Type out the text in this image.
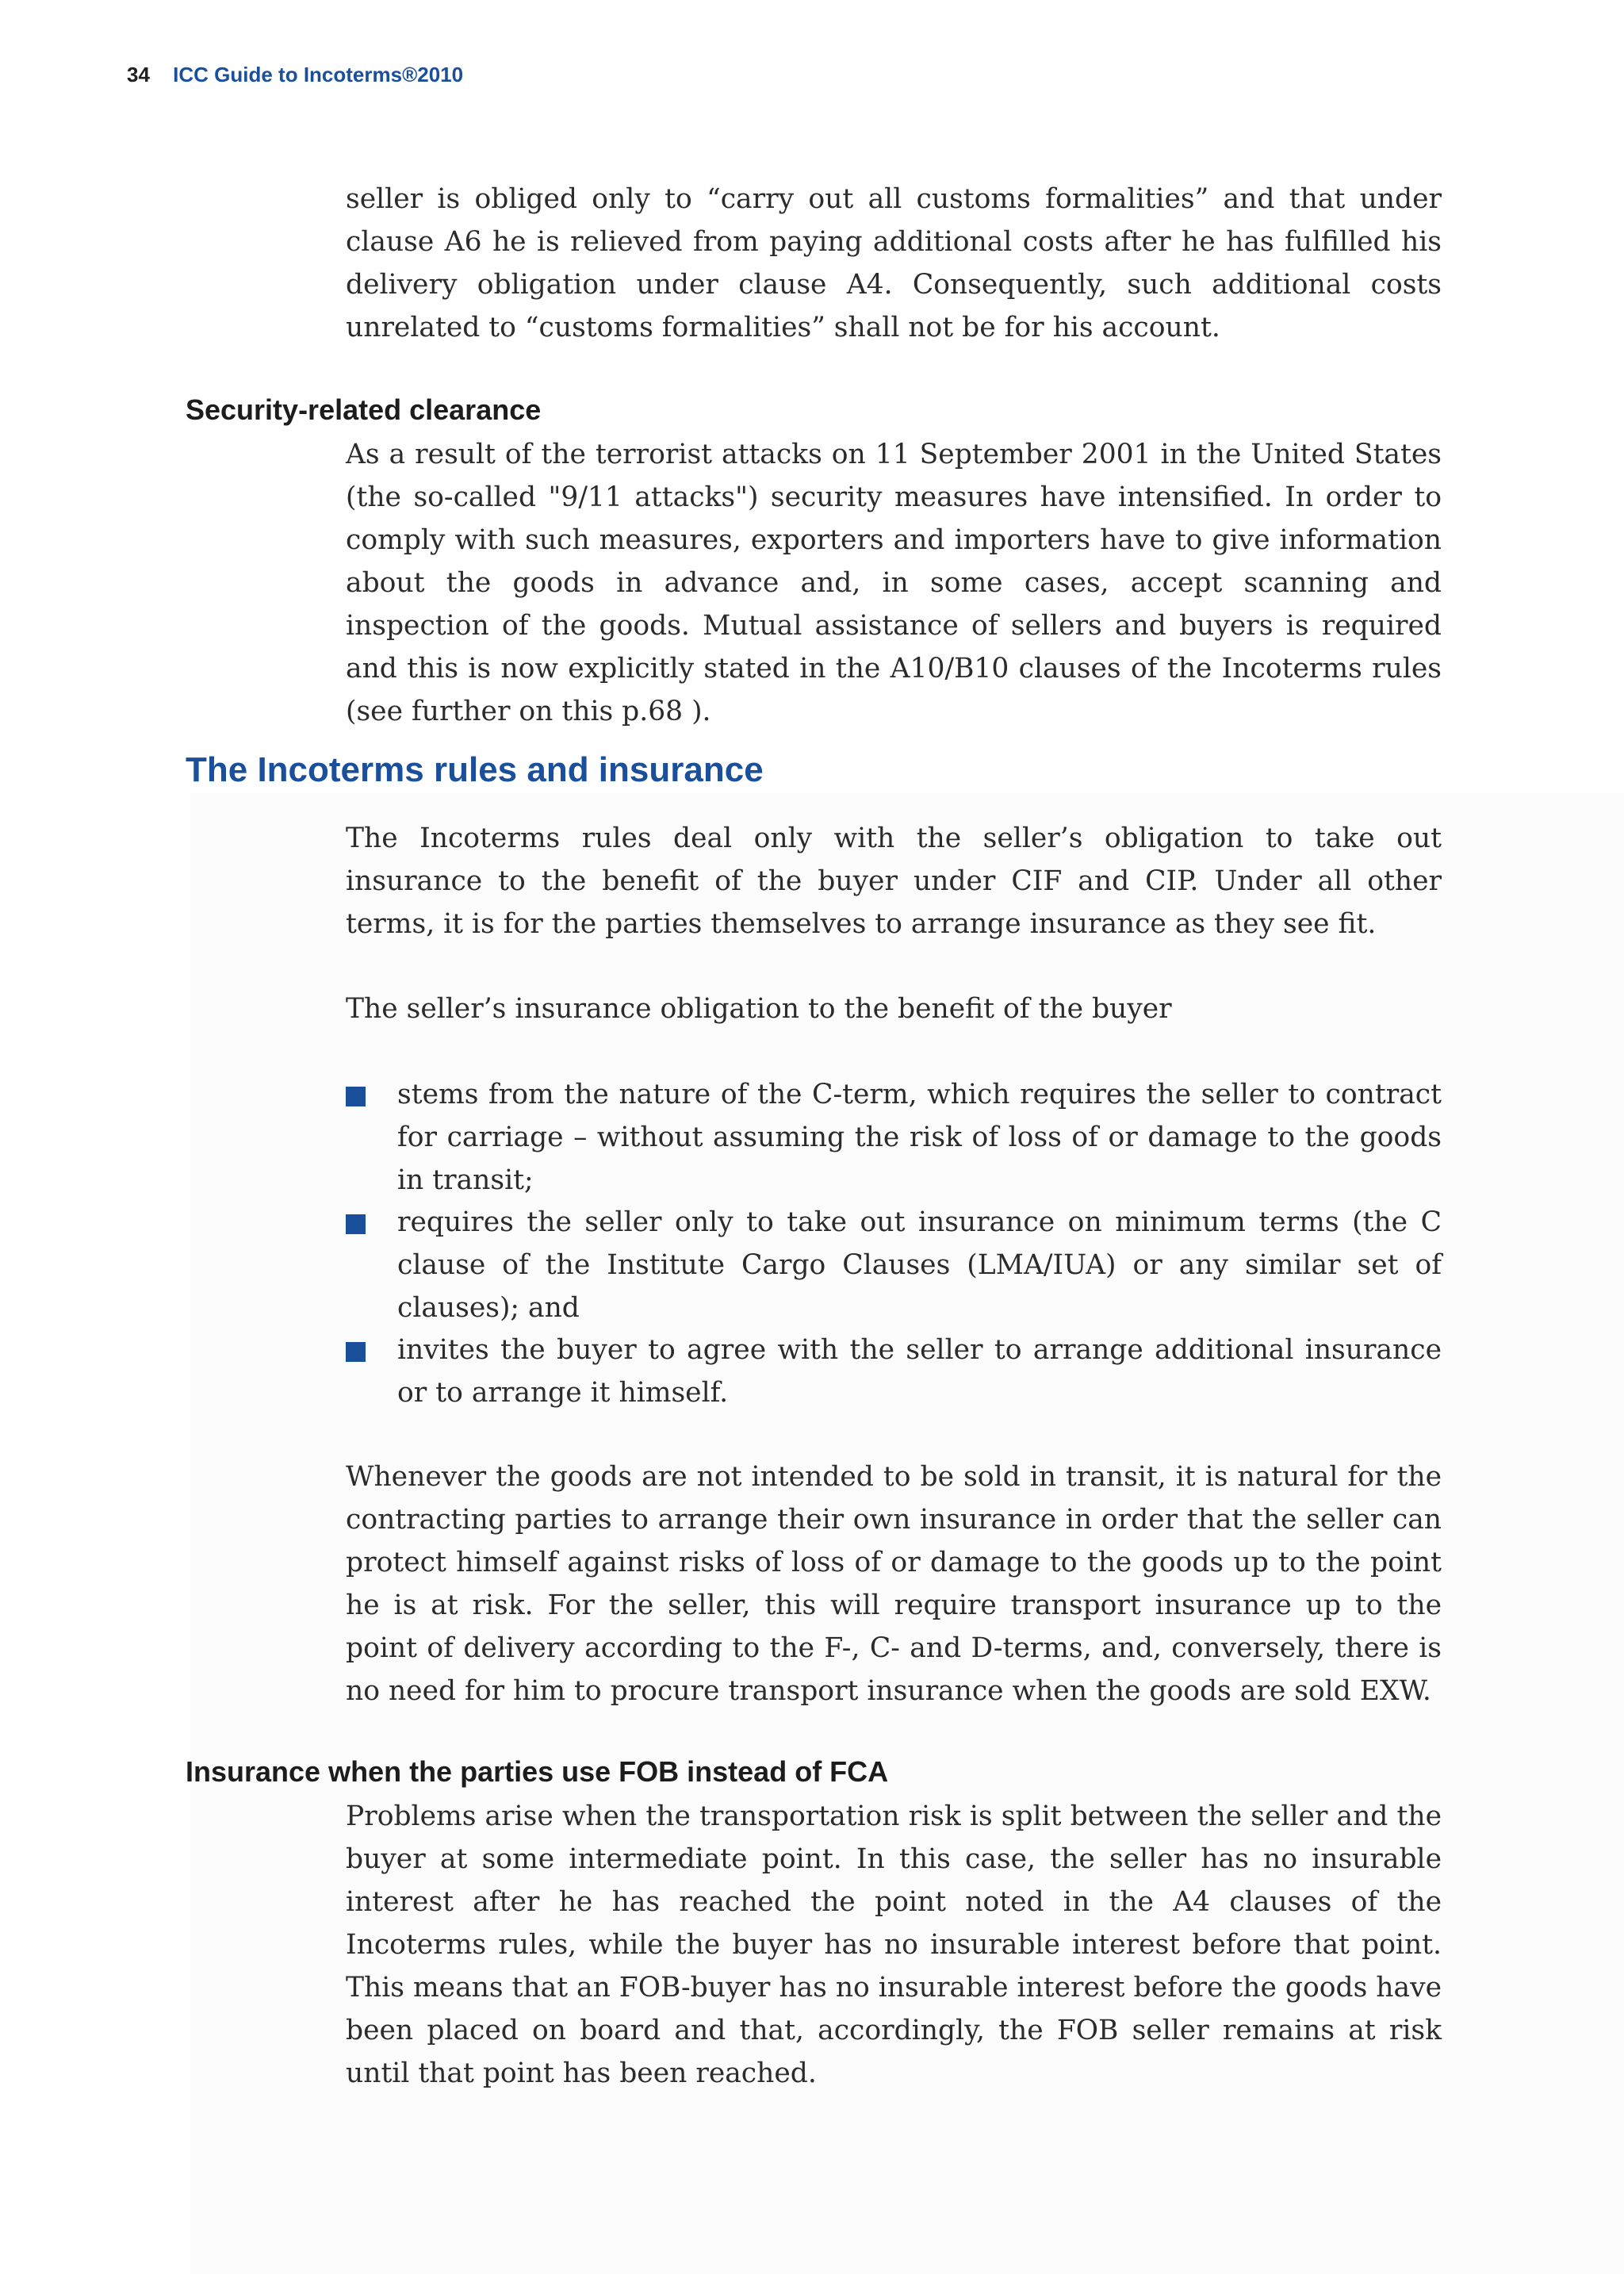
34 ICC Guide to Incoterms®2010

seller is obliged only to “carry out all customs formalities” and that under clause A6 he is relieved from paying additional costs after he has fulfilled his delivery obligation under clause A4. Consequently, such additional costs unrelated to “customs formalities” shall not be for his account.

Security-related clearance

As a result of the terrorist attacks on 11 September 2001 in the United States (the so-called "9/11 attacks") security measures have intensified. In order to comply with such measures, exporters and importers have to give information about the goods in advance and, in some cases, accept scanning and inspection of the goods. Mutual assistance of sellers and buyers is required and this is now explicitly stated in the A10/B10 clauses of the Incoterms rules (see further on this p.68 ).

The Incoterms rules and insurance

The Incoterms rules deal only with the seller’s obligation to take out insurance to the benefit of the buyer under CIF and CIP. Under all other terms, it is for the parties themselves to arrange insurance as they see fit.

The seller’s insurance obligation to the benefit of the buyer

stems from the nature of the C-term, which requires the seller to contract for carriage – without assuming the risk of loss of or damage to the goods in transit;
requires the seller only to take out insurance on minimum terms (the C clause of the Institute Cargo Clauses (LMA/IUA) or any similar set of clauses); and
invites the buyer to agree with the seller to arrange additional insurance or to arrange it himself.

Whenever the goods are not intended to be sold in transit, it is natural for the contracting parties to arrange their own insurance in order that the seller can protect himself against risks of loss of or damage to the goods up to the point he is at risk. For the seller, this will require transport insurance up to the point of delivery according to the F-, C- and D-terms, and, conversely, there is no need for him to procure transport insurance when the goods are sold EXW.

Insurance when the parties use FOB instead of FCA

Problems arise when the transportation risk is split between the seller and the buyer at some intermediate point. In this case, the seller has no insurable interest after he has reached the point noted in the A4 clauses of the Incoterms rules, while the buyer has no insurable interest before that point. This means that an FOB-buyer has no insurable interest before the goods have been placed on board and that, accordingly, the FOB seller remains at risk until that point has been reached.
